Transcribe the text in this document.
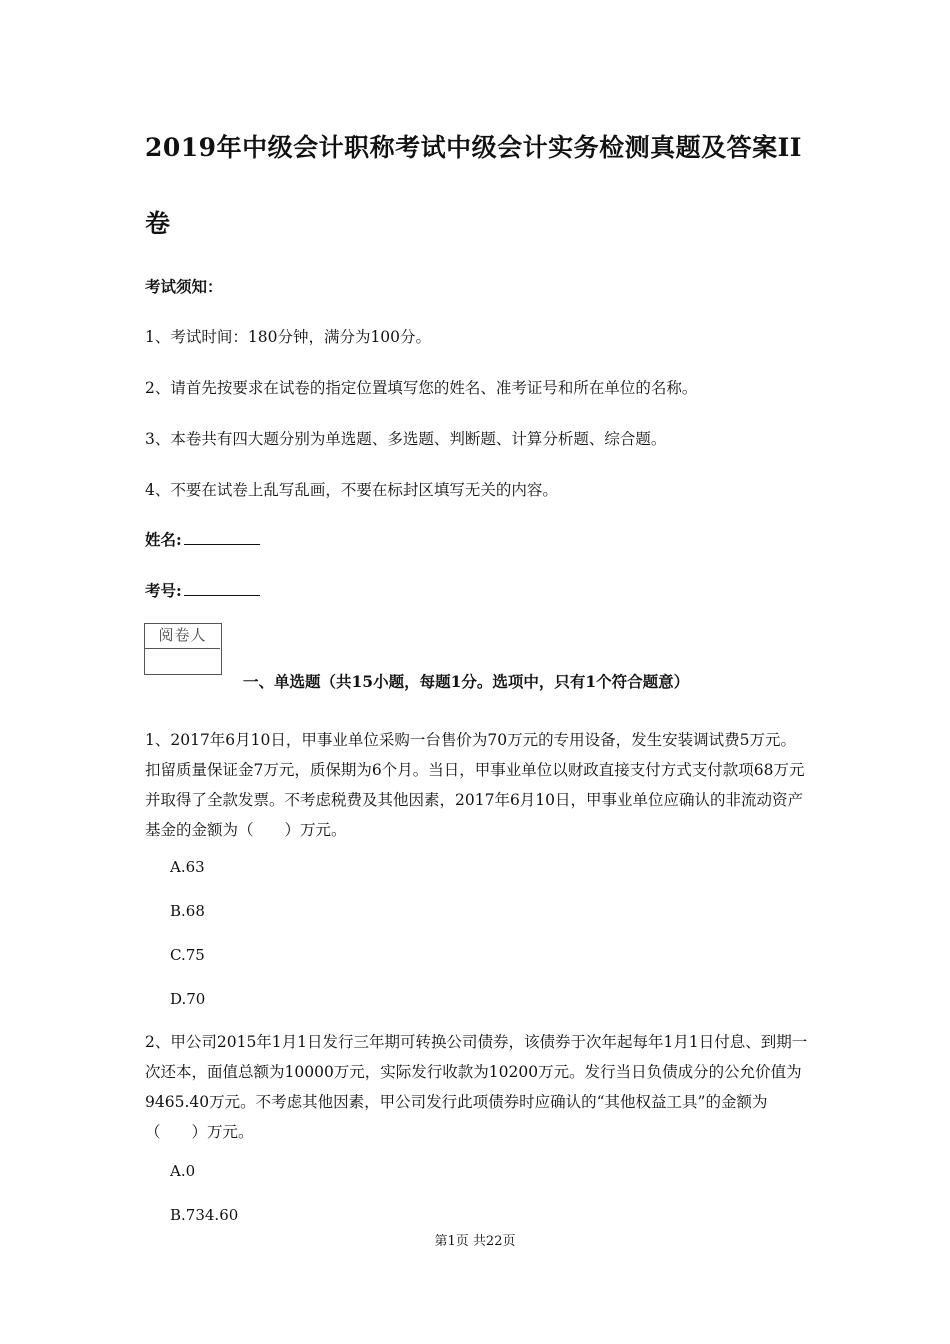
2019年中级会计职称考试中级会计实务检测真题及答案II
卷
考试须知：
1、考试时间：180分钟，满分为100分。
2、请首先按要求在试卷的指定位置填写您的姓名、准考证号和所在单位的名称。
3、本卷共有四大题分别为单选题、多选题、判断题、计算分析题、综合题。
4、不要在试卷上乱写乱画，不要在标封区填写无关的内容。
姓名:
考号:
阅卷人
一、单选题（共15小题，每题1分。选项中，只有1个符合题意）
1、2017年6月10日，甲事业单位采购一台售价为70万元的专用设备，发生安装调试费5万元。扣留质量保证金7万元，质保期为6个月。当日，甲事业单位以财政直接支付方式支付款项68万元并取得了全款发票。不考虑税费及其他因素，2017年6月10日，甲事业单位应确认的非流动资产基金的金额为（　　）万元。
A.63
B.68
C.75
D.70
2、甲公司2015年1月1日发行三年期可转换公司债券，该债券于次年起每年1月1日付息、到期一次还本，面值总额为10000万元，实际发行收款为10200万元。发行当日负债成分的公允价值为9465.40万元。不考虑其他因素，甲公司发行此项债券时应确认的“其他权益工具”的金额为（　　）万元。
A.0
B.734.60
第1页 共22页
